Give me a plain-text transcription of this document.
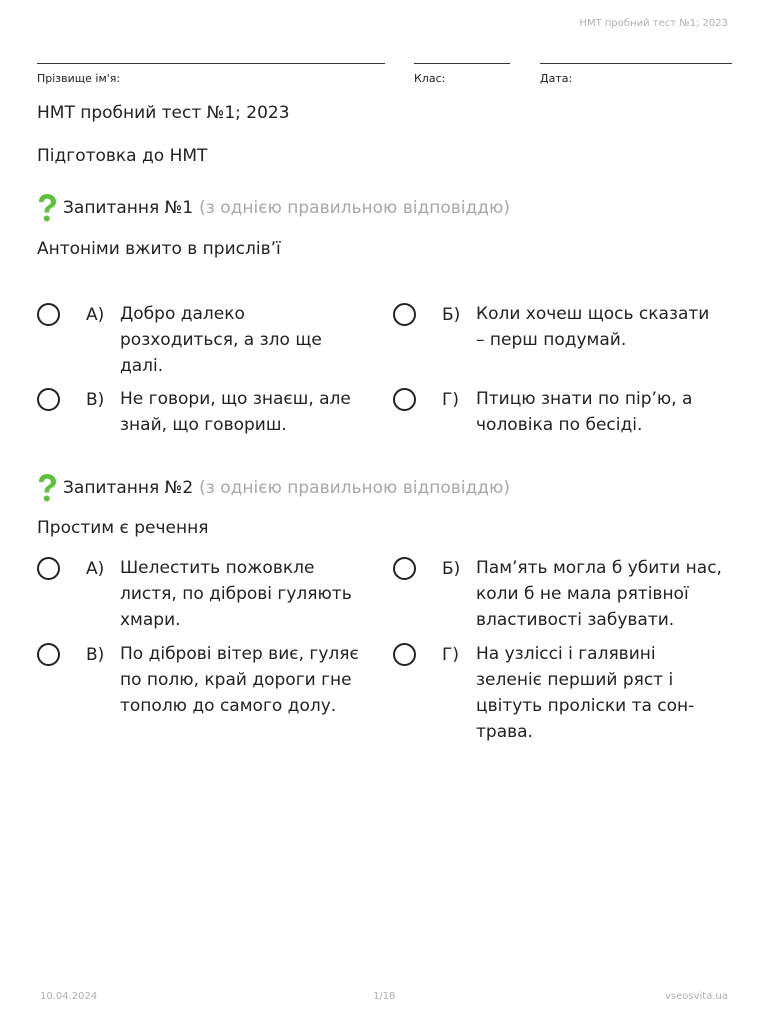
НМТ пробний тест №1; 2023
Прізвище ім'я:	Клас:	Дата:
НМТ пробний тест №1; 2023
Підготовка до НМТ
Запитання №1 (з однією правильною відповіддю)
Антоніми вжито в прислів’ї
А) Добро далеко розходиться, а зло ще далі.
Б) Коли хочеш щось сказати – перш подумай.
В) Не говори, що знаєш, але знай, що говориш.
Г)	Птицю знати по пір’ю, а чоловіка по бесіді.
Запитання №2 (з однією правильною відповіддю)
Простим є речення
А) Шелестить пожовкле листя, по діброві гуляють хмари.
Б) Пам’ять могла б убити нас, коли б не мала рятівної властивості забувати.
В) По діброві вітер виє, гуляє по полю, край дороги гне тополю до самого долу.
Г)	На узліссі і галявині зеленіє перший ряст і цвітуть проліски та сон-трава.
10.04.2024	1/18	vseosvita.ua
